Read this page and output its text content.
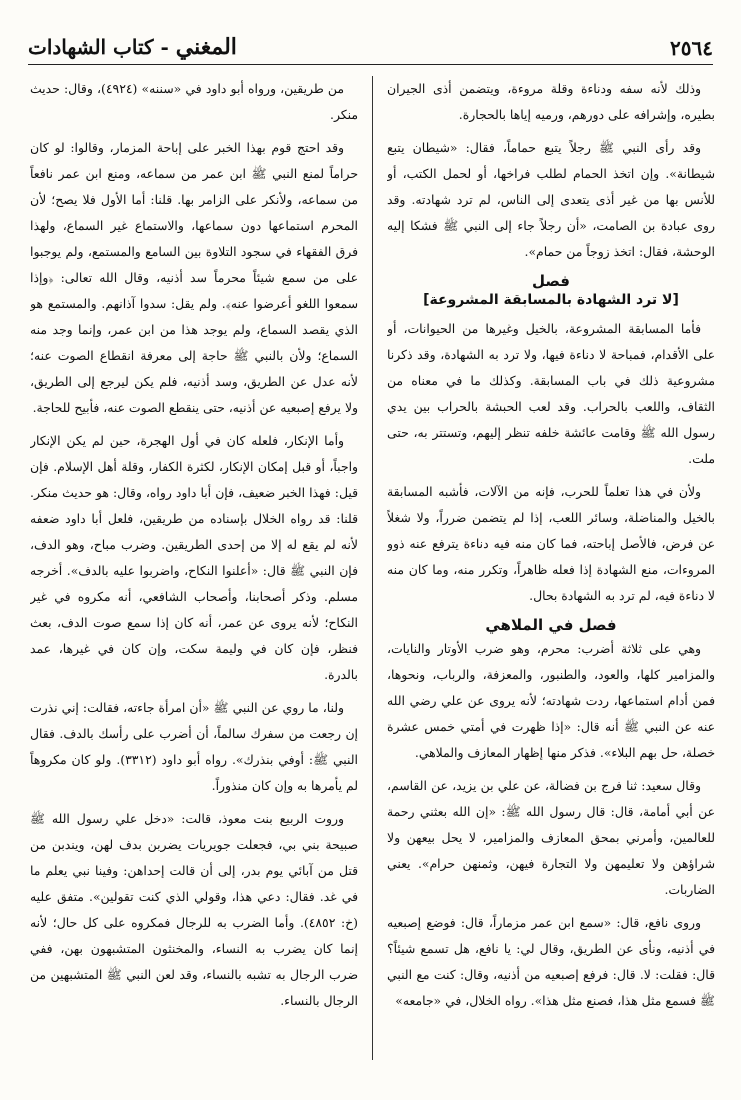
٢٥٦٤
المغني - كتاب الشهادات

وذلك لأنه سفه ودناءة وقلة مروءة، ويتضمن أذى الجيران بطيره، وإشرافه على دورهم، ورميه إياها بالحجارة.

وقد رأى النبي ﷺ رجلاً يتبع حماماً، فقال: «شيطان يتبع شيطانة». وإن اتخذ الحمام لطلب فراخها، أو لحمل الكتب، أو للأنس بها من غير أذى يتعدى إلى الناس، لم ترد شهادته. وقد روى عبادة بن الصامت، «أن رجلاً جاء إلى النبي ﷺ فشكا إليه الوحشة، فقال: اتخذ زوجاً من حمام».

فصل
[لا ترد الشهادة بالمسابقة المشروعة]

فأما المسابقة المشروعة، بالخيل وغيرها من الحيوانات، أو على الأقدام، فمباحة لا دناءة فيها، ولا ترد به الشهادة، وقد ذكرنا مشروعية ذلك في باب المسابقة. وكذلك ما في معناه من الثقاف، واللعب بالحراب. وقد لعب الحبشة بالحراب بين يدي رسول الله ﷺ وقامت عائشة خلفه تنظر إليهم، وتستتر به، حتى ملت.

ولأن في هذا تعلماً للحرب، فإنه من الآلات، فأشبه المسابقة بالخيل والمناضلة، وسائر اللعب، إذا لم يتضمن ضرراً، ولا شغلاً عن فرض، فالأصل إباحته، فما كان منه فيه دناءة يترفع عنه ذوو المروءات، منع الشهادة إذا فعله ظاهراً، وتكرر منه، وما كان منه لا دناءة فيه، لم ترد به الشهادة بحال.

فصل في الملاهي

وهي على ثلاثة أضرب: محرم، وهو ضرب الأوتار والنايات، والمزامير كلها، والعود، والطنبور، والمعزفة، والرباب، ونحوها، فمن أدام استماعها، ردت شهادته؛ لأنه يروى عن علي رضي الله عنه عن النبي ﷺ أنه قال: «إذا ظهرت في أمتي خمس عشرة خصلة، حل بهم البلاء». فذكر منها إظهار المعازف والملاهي.

وقال سعيد: ثنا فرج بن فضالة، عن علي بن يزيد، عن القاسم، عن أبي أمامة، قال: قال رسول الله ﷺ: «إن الله بعثني رحمة للعالمين، وأمرني بمحق المعازف والمزامير، لا يحل بيعهن ولا شراؤهن ولا تعليمهن ولا التجارة فيهن، وثمنهن حرام». يعني الضاربات.

وروى نافع، قال: «سمع ابن عمر مزماراً، قال: فوضع إصبعيه في أذنيه، ونأى عن الطريق، وقال لي: يا نافع، هل تسمع شيئاً؟ قال: فقلت: لا. قال: فرفع إصبعيه من أذنيه، وقال: كنت مع النبي ﷺ فسمع مثل هذا، فصنع مثل هذا». رواه الخلال، في «جامعه»

من طريقين، ورواه أبو داود في «سننه» (٤٩٢٤)، وقال: حديث منكر.

وقد احتج قوم بهذا الخبر على إباحة المزمار، وقالوا: لو كان حراماً لمنع النبي ﷺ ابن عمر من سماعه، ومنع ابن عمر نافعاً من سماعه، ولأنكر على الزامر بها. قلنا: أما الأول فلا يصح؛ لأن المحرم استماعها دون سماعها، والاستماع غير السماع، ولهذا فرق الفقهاء في سجود التلاوة بين السامع والمستمع، ولم يوجبوا على من سمع شيئاً محرماً سد أذنيه، وقال الله تعالى: ﴿وإذا سمعوا اللغو أعرضوا عنه﴾. ولم يقل: سدوا آذانهم. والمستمع هو الذي يقصد السماع، ولم يوجد هذا من ابن عمر، وإنما وجد منه السماع؛ ولأن بالنبي ﷺ حاجة إلى معرفة انقطاع الصوت عنه؛ لأنه عدل عن الطريق، وسد أذنيه، فلم يكن ليرجع إلى الطريق، ولا يرفع إصبعيه عن أذنيه، حتى ينقطع الصوت عنه، فأبيح للحاجة.

وأما الإنكار، فلعله كان في أول الهجرة، حين لم يكن الإنكار واجباً، أو قبل إمكان الإنكار، لكثرة الكفار، وقلة أهل الإسلام. فإن قيل: فهذا الخبر ضعيف، فإن أبا داود رواه، وقال: هو حديث منكر. قلنا: قد رواه الخلال بإسناده من طريقين، فلعل أبا داود ضعفه لأنه لم يقع له إلا من إحدى الطريقين. وضرب مباح، وهو الدف، فإن النبي ﷺ قال: «أعلنوا النكاح، واضربوا عليه بالدف». أخرجه مسلم. وذكر أصحابنا، وأصحاب الشافعي، أنه مكروه في غير النكاح؛ لأنه يروى عن عمر، أنه كان إذا سمع صوت الدف، بعث فنظر، فإن كان في وليمة سكت، وإن كان في غيرها، عمد بالدرة.

ولنا، ما روي عن النبي ﷺ «أن امرأة جاءته، فقالت: إني نذرت إن رجعت من سفرك سالماً، أن أضرب على رأسك بالدف. فقال النبي ﷺ: أوفي بنذرك». رواه أبو داود (٣٣١٢). ولو كان مكروهاً لم يأمرها به وإن كان منذوراً.

وروت الربيع بنت معوذ، قالت: «دخل علي رسول الله ﷺ صبيحة بني بي، فجعلت جويريات يضربن بدف لهن، ويندبن من قتل من آبائي يوم بدر، إلى أن قالت إحداهن: وفينا نبي يعلم ما في غد. فقال: دعي هذا، وقولي الذي كنت تقولين». متفق عليه (خ: ٤٨٥٢). وأما الضرب به للرجال فمكروه على كل حال؛ لأنه إنما كان يضرب به النساء، والمخنثون المتشبهون بهن، ففي ضرب الرجال به تشبه بالنساء، وقد لعن النبي ﷺ المتشبهين من الرجال بالنساء.
